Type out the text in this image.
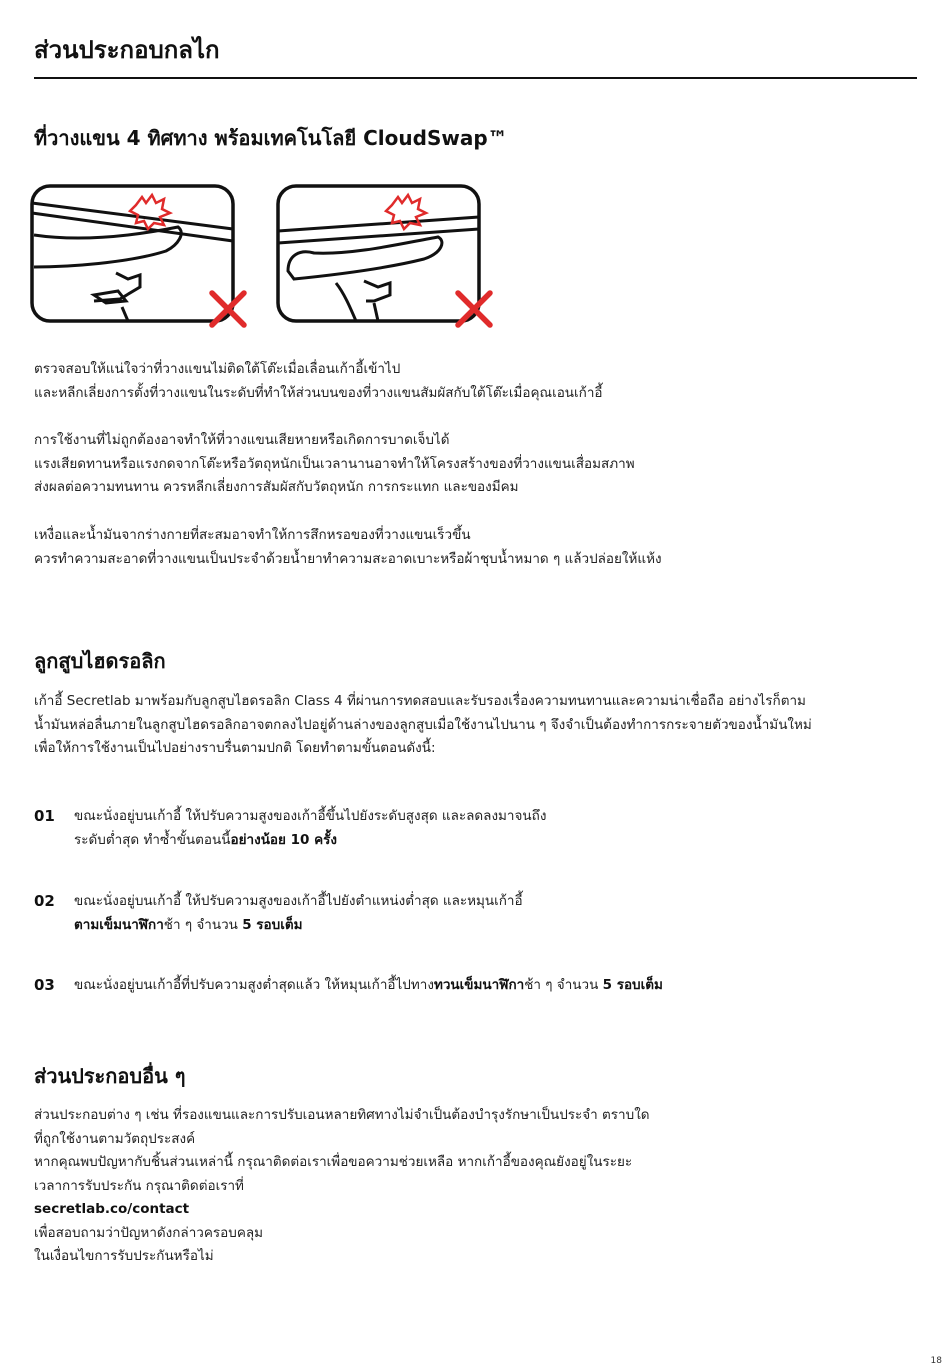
ส่วนประกอบกลไก
ที่วางแขน 4 ทิศทาง พร้อมเทคโนโลยี CloudSwap™
ตรวจสอบให้แน่ใจว่าที่วางแขนไม่ติดใต้โต๊ะเมื่อเลื่อนเก้าอี้เข้าไป
และหลีกเลี่ยงการตั้งที่วางแขนในระดับที่ทำให้ส่วนบนของที่วางแขนสัมผัสกับใต้โต๊ะเมื่อคุณเอนเก้าอี้
การใช้งานที่ไม่ถูกต้องอาจทำให้ที่วางแขนเสียหายหรือเกิดการบาดเจ็บได้
แรงเสียดทานหรือแรงกดจากโต๊ะหรือวัตถุหนักเป็นเวลานานอาจทำให้โครงสร้างของที่วางแขนเสื่อมสภาพ
ส่งผลต่อความทนทาน ควรหลีกเลี่ยงการสัมผัสกับวัตถุหนัก การกระแทก และของมีคม
เหงื่อและน้ำมันจากร่างกายที่สะสมอาจทำให้การสึกหรอของที่วางแขนเร็วขึ้น
ควรทำความสะอาดที่วางแขนเป็นประจำด้วยน้ำยาทำความสะอาดเบาะหรือผ้าชุบน้ำหมาด ๆ แล้วปล่อยให้แห้ง
ลูกสูบไฮดรอลิก
เก้าอี้ Secretlab มาพร้อมกับลูกสูบไฮดรอลิก Class 4 ที่ผ่านการทดสอบและรับรองเรื่องความทนทานและความน่าเชื่อถือ อย่างไรก็ตาม
น้ำมันหล่อลื่นภายในลูกสูบไฮดรอลิกอาจตกลงไปอยู่ด้านล่างของลูกสูบเมื่อใช้งานไปนาน ๆ จึงจำเป็นต้องทำการกระจายตัวของน้ำมันใหม่
เพื่อให้การใช้งานเป็นไปอย่างราบรื่นตามปกติ โดยทำตามขั้นตอนดังนี้:
01 ขณะนั่งอยู่บนเก้าอี้ ให้ปรับความสูงของเก้าอี้ขึ้นไปยังระดับสูงสุด และลดลงมาจนถึง
ระดับต่ำสุด ทำซ้ำขั้นตอนนี้อย่างน้อย 10 ครั้ง
02 ขณะนั่งอยู่บนเก้าอี้ ให้ปรับความสูงของเก้าอี้ไปยังตำแหน่งต่ำสุด และหมุนเก้าอี้
ตามเข็มนาฬิกาช้า ๆ จำนวน 5 รอบเต็ม
03 ขณะนั่งอยู่บนเก้าอี้ที่ปรับความสูงต่ำสุดแล้ว ให้หมุนเก้าอี้ไปทางทวนเข็มนาฬิกาช้า ๆ จำนวน 5 รอบเต็ม
ส่วนประกอบอื่น ๆ
ส่วนประกอบต่าง ๆ เช่น ที่รองแขนและการปรับเอนหลายทิศทางไม่จำเป็นต้องบำรุงรักษาเป็นประจำ ตราบใด
ที่ถูกใช้งานตามวัตถุประสงค์
หากคุณพบปัญหากับชิ้นส่วนเหล่านี้ กรุณาติดต่อเราเพื่อขอความช่วยเหลือ หากเก้าอี้ของคุณยังอยู่ในระยะ
เวลาการรับประกัน กรุณาติดต่อเราที่
secretlab.co/contact
เพื่อสอบถามว่าปัญหาดังกล่าวครอบคลุม
ในเงื่อนไขการรับประกันหรือไม่
18
